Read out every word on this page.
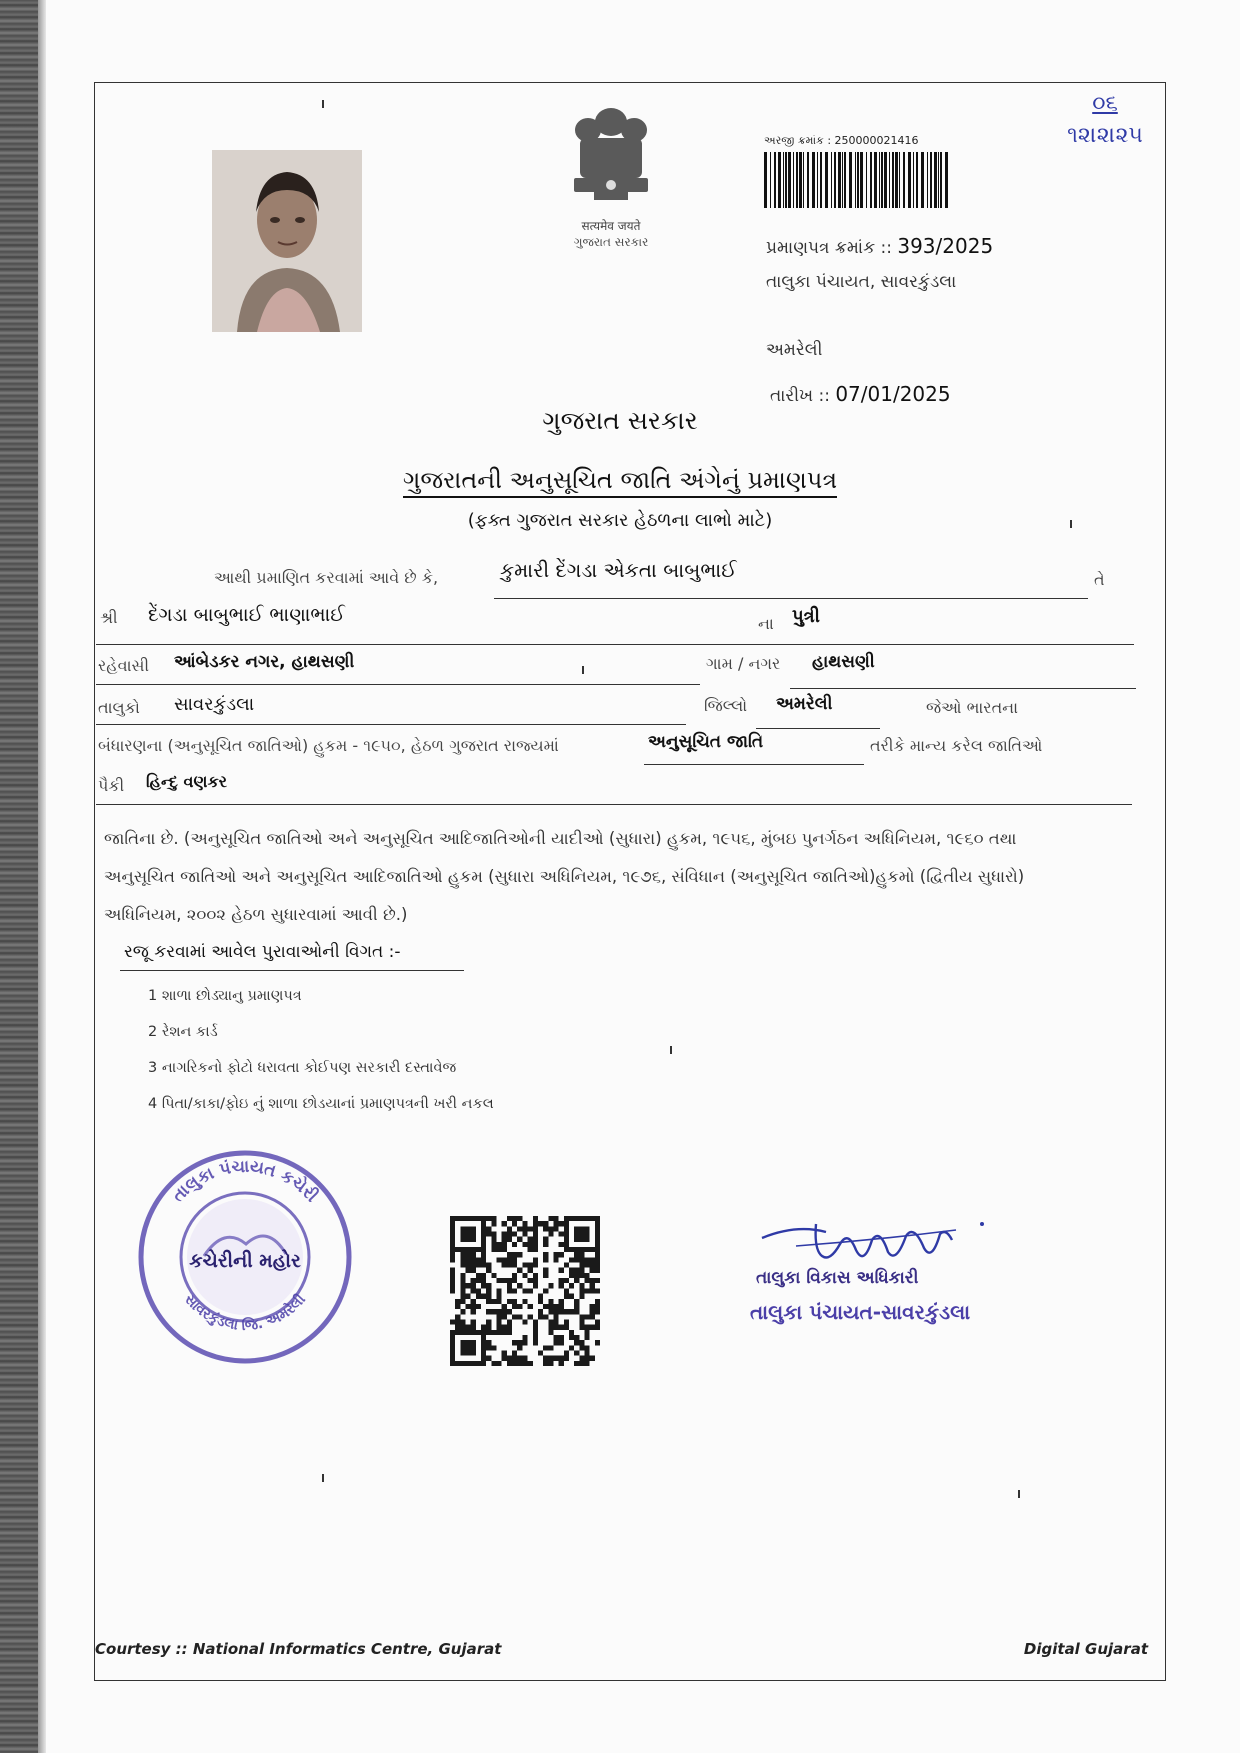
सत्यमेव जयते
ગુજરાત સરકાર
અરજી ક્રમાંક : 250000021416
૦૬
૧૨।૨।૨૫
પ્રમાણપત્ર ક્રમાંક :: 393/2025
તાલુકા પંચાયત, સાવરકુંડલા
અમરેલી
તારીખ :: 07/01/2025
ગુજરાત સરકાર
ગુજરાતની અનુસૂચિત જાતિ અંગેનું પ્રમાણપત્ર
(ફક્ત ગુજરાત સરકાર હેઠળના લાભો માટે)
આથી પ્રમાણિત કરવામાં આવે છે કે,	કુમારી દેંગડા એકતા બાબુભાઈ	તે
શ્રી દેંગડા બાબુભાઈ ભાણાભાઈ	ના પુત્રી
રહેવાસી આંબેડકર નગર, હાથસણી	ગામ / નગર હાથસણી
તાલુકો સાવરકુંડલા	જિલ્લો અમરેલી	જેઓ ભારતના
બંધારણના (અનુસૂચિત જાતિઓ) હુકમ - ૧૯૫૦, હેઠળ ગુજરાત રાજ્યમાં	અનુસૂચિત જાતિ	તરીકે માન્ય કરેલ જાતિઓ
પૈકી હિન્દુ વણકર
જાતિના છે. (અનુસૂચિત જાતિઓ અને અનુસૂચિત આદિજાતિઓની યાદીઓ (સુધારા) હુકમ, ૧૯૫૬, મુંબઇ પુનર્ગઠન અધિનિયમ, ૧૯૬૦ તથા
અનુસૂચિત જાતિઓ અને અનુસૂચિત આદિજાતિઓ હુકમ (સુધારા અધિનિયમ, ૧૯૭૬, સંવિધાન (અનુસૂચિત જાતિઓ)હુકમો (દ્વિતીય સુધારો)
અધિનિયમ, ૨૦૦૨ હેઠળ સુધારવામાં આવી છે.)
રજૂ કરવામાં આવેલ પુરાવાઓની વિગત :-
1 શાળા છોડ્યાનુ પ્રમાણપત્ર
2 રેશન કાર્ડ
3 નાગરિકનો ફોટો ધરાવતા કોઈપણ સરકારી દસ્તાવેજ
4 પિતા/કાકા/ફોઇ નું શાળા છોડયાનાં પ્રમાણપત્રની ખરી નકલ
તાલુકા પંચાયત કચેરી
સાવરકુંડલા જિ. અમરેલી
કચેરીની મહોર
તાલુકા વિકાસ અધિકારી
તાલુકા પંચાયત-સાવરકુંડલા
Courtesy :: National Informatics Centre, Gujarat	Digital Gujarat
